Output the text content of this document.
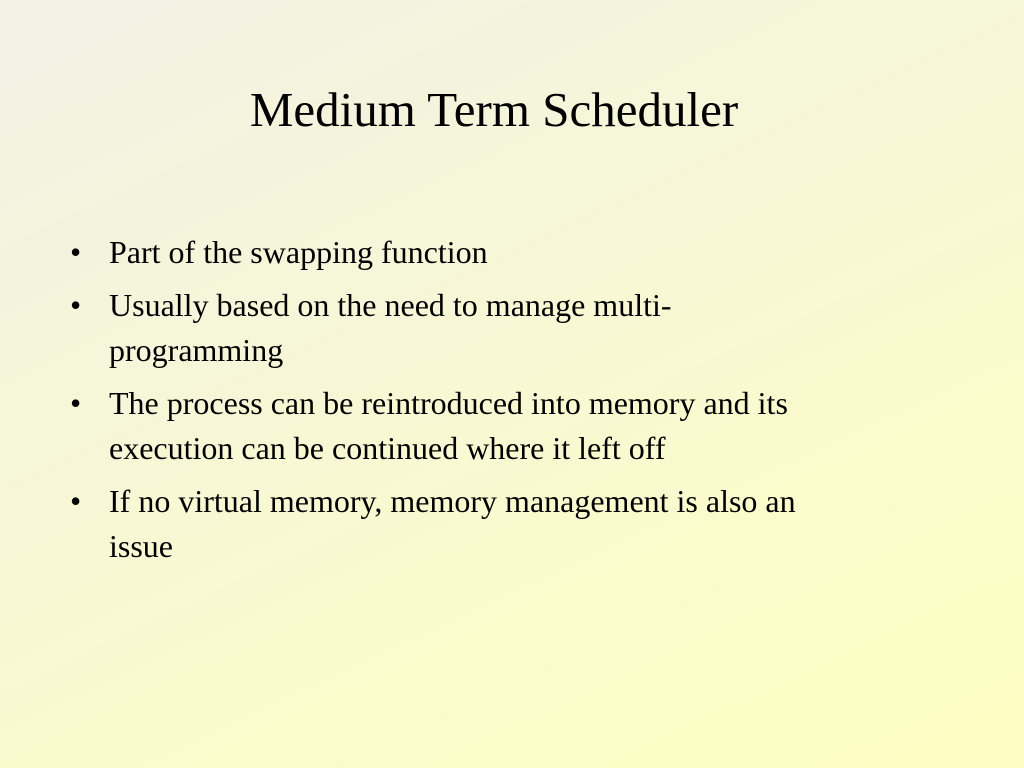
Medium Term Scheduler
• Part of the swapping function
• Usually based on the need to manage multi-
programming
• The process can be reintroduced into memory and its
execution can be continued where it left off
• If no virtual memory, memory management is also an
issue
